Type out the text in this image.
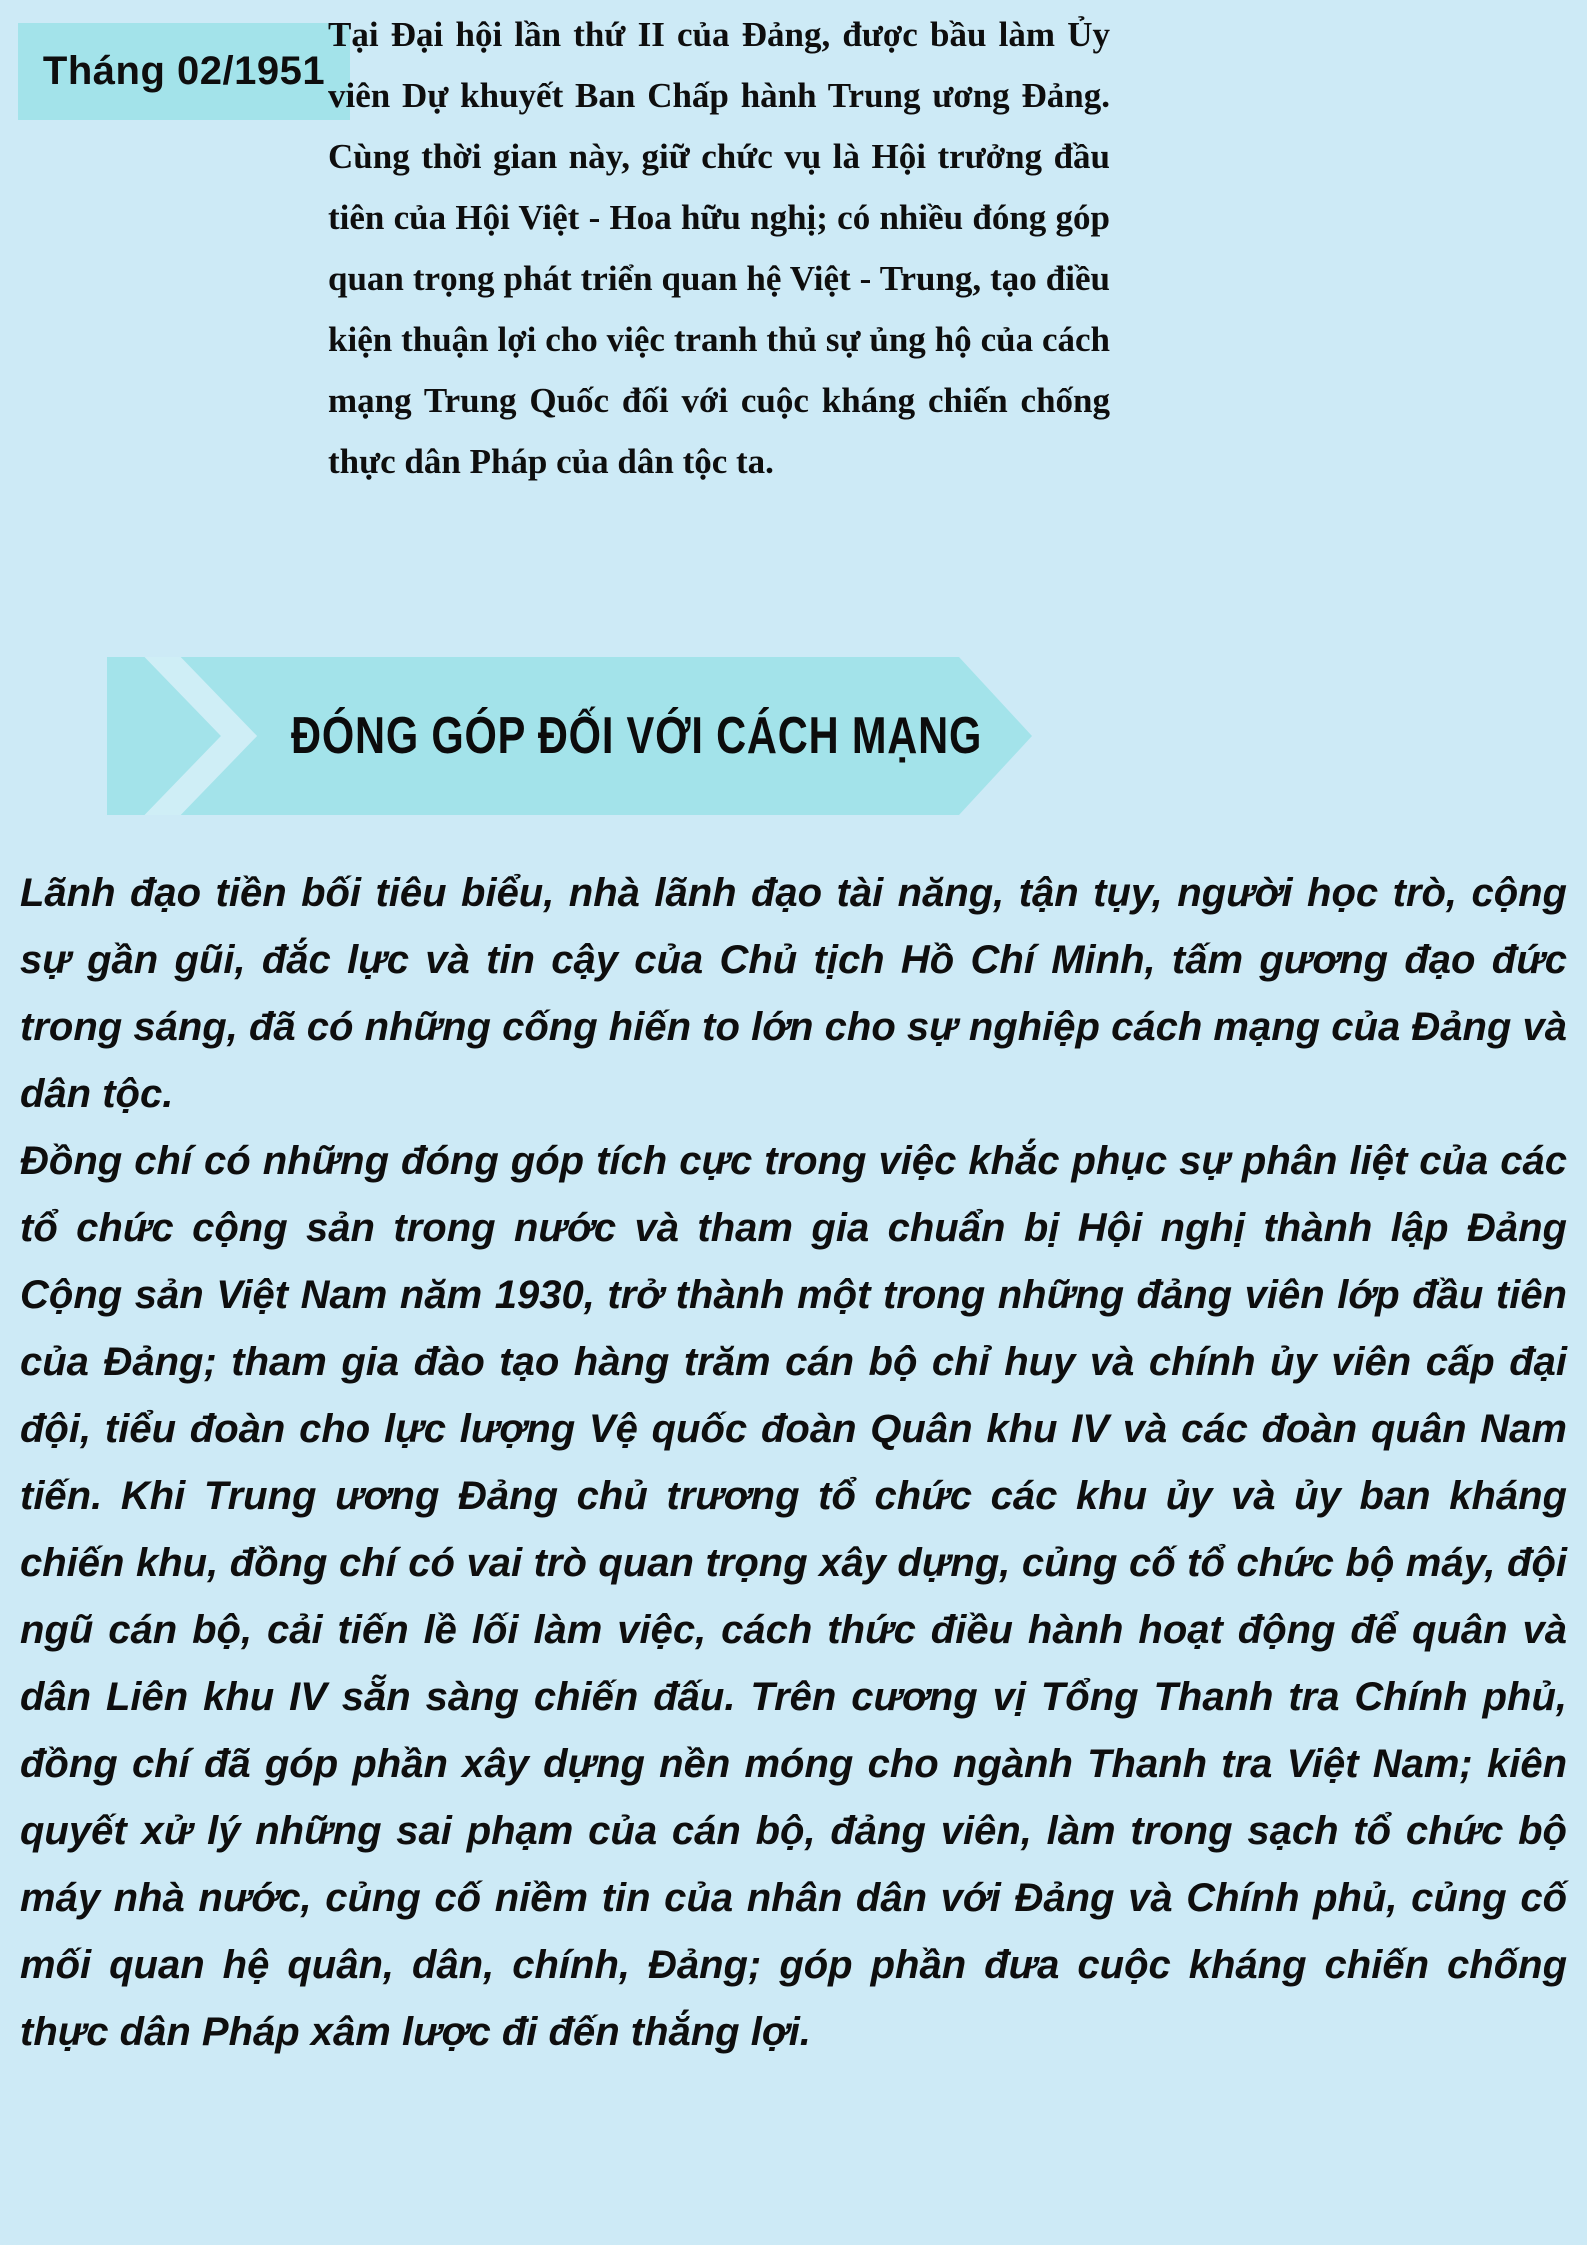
Tháng 02/1951

Tại Đại hội lần thứ II của Đảng, được bầu làm Ủy viên Dự khuyết Ban Chấp hành Trung ương Đảng. Cùng thời gian này, giữ chức vụ là Hội trưởng đầu tiên của Hội Việt - Hoa hữu nghị; có nhiều đóng góp quan trọng phát triển quan hệ Việt - Trung, tạo điều kiện thuận lợi cho việc tranh thủ sự ủng hộ của cách mạng Trung Quốc đối với cuộc kháng chiến chống thực dân Pháp của dân tộc ta.

ĐÓNG GÓP ĐỐI VỚI CÁCH MẠNG

Lãnh đạo tiền bối tiêu biểu, nhà lãnh đạo tài năng, tận tụy, người học trò, cộng sự gần gũi, đắc lực và tin cậy của Chủ tịch Hồ Chí Minh, tấm gương đạo đức trong sáng, đã có những cống hiến to lớn cho sự nghiệp cách mạng của Đảng và dân tộc.

Đồng chí có những đóng góp tích cực trong việc khắc phục sự phân liệt của các tổ chức cộng sản trong nước và tham gia chuẩn bị Hội nghị thành lập Đảng Cộng sản Việt Nam năm 1930, trở thành một trong những đảng viên lớp đầu tiên của Đảng; tham gia đào tạo hàng trăm cán bộ chỉ huy và chính ủy viên cấp đại đội, tiểu đoàn cho lực lượng Vệ quốc đoàn Quân khu IV và các đoàn quân Nam tiến. Khi Trung ương Đảng chủ trương tổ chức các khu ủy và ủy ban kháng chiến khu, đồng chí có vai trò quan trọng xây dựng, củng cố tổ chức bộ máy, đội ngũ cán bộ, cải tiến lề lối làm việc, cách thức điều hành hoạt động để quân và dân Liên khu IV sẵn sàng chiến đấu. Trên cương vị Tổng Thanh tra Chính phủ, đồng chí đã góp phần xây dựng nền móng cho ngành Thanh tra Việt Nam; kiên quyết xử lý những sai phạm của cán bộ, đảng viên, làm trong sạch tổ chức bộ máy nhà nước, củng cố niềm tin của nhân dân với Đảng và Chính phủ, củng cố mối quan hệ quân, dân, chính, Đảng; góp phần đưa cuộc kháng chiến chống thực dân Pháp xâm lược đi đến thắng lợi.
